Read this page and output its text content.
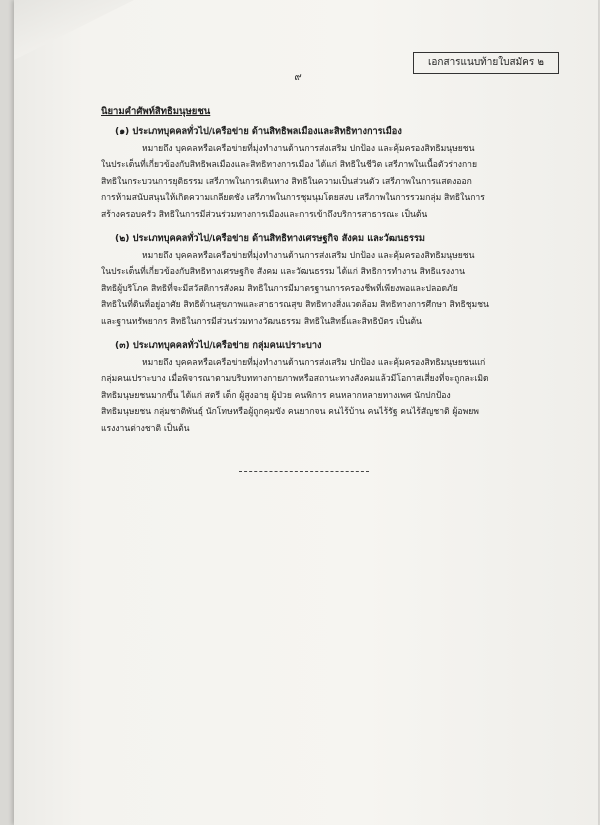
เอกสารแนบท้ายใบสมัคร ๒
๙
นิยามคำศัพท์สิทธิมนุษยชน
(๑) ประเภทบุคคลทั่วไป/เครือข่าย ด้านสิทธิพลเมืองและสิทธิทางการเมือง
หมายถึง บุคคลหรือเครือข่ายที่มุ่งทำงานด้านการส่งเสริม ปกป้อง และคุ้มครองสิทธิมนุษยชน
ในประเด็นที่เกี่ยวข้องกับสิทธิพลเมืองและสิทธิทางการเมือง ได้แก่ สิทธิในชีวิต เสรีภาพในเนื้อตัวร่างกาย
สิทธิในกระบวนการยุติธรรม เสรีภาพในการเดินทาง สิทธิในความเป็นส่วนตัว เสรีภาพในการแสดงออก
การห้ามสนับสนุนให้เกิดความเกลียดชัง เสรีภาพในการชุมนุมโดยสงบ เสรีภาพในการรวมกลุ่ม สิทธิในการ
สร้างครอบครัว สิทธิในการมีส่วนร่วมทางการเมืองและการเข้าถึงบริการสาธารณะ เป็นต้น
(๒) ประเภทบุคคลทั่วไป/เครือข่าย ด้านสิทธิทางเศรษฐกิจ สังคม และวัฒนธรรม
หมายถึง บุคคลหรือเครือข่ายที่มุ่งทำงานด้านการส่งเสริม ปกป้อง และคุ้มครองสิทธิมนุษยชน
ในประเด็นที่เกี่ยวข้องกับสิทธิทางเศรษฐกิจ สังคม และวัฒนธรรม ได้แก่ สิทธิการทำงาน สิทธิแรงงาน
สิทธิผู้บริโภค สิทธิที่จะมีสวัสดิการสังคม สิทธิในการมีมาตรฐานการครองชีพที่เพียงพอและปลอดภัย
สิทธิในที่ดินที่อยู่อาศัย สิทธิด้านสุขภาพและสาธารณสุข สิทธิทางสิ่งแวดล้อม สิทธิทางการศึกษา สิทธิชุมชน
และฐานทรัพยากร สิทธิในการมีส่วนร่วมทางวัฒนธรรม สิทธิในสิทธิ์และสิทธิบัตร เป็นต้น
(๓) ประเภทบุคคลทั่วไป/เครือข่าย กลุ่มคนเปราะบาง
หมายถึง บุคคลหรือเครือข่ายที่มุ่งทำงานด้านการส่งเสริม ปกป้อง และคุ้มครองสิทธิมนุษยชนแก่
กลุ่มคนเปราะบาง เมื่อพิจารณาตามบริบททางกายภาพหรือสถานะทางสังคมแล้วมีโอกาสเสี่ยงที่จะถูกละเมิด
สิทธิมนุษยชนมากขึ้น ได้แก่ สตรี เด็ก ผู้สูงอายุ ผู้ป่วย คนพิการ คนหลากหลายทางเพศ นักปกป้อง
สิทธิมนุษยชน กลุ่มชาติพันธุ์ นักโทษหรือผู้ถูกคุมขัง คนยากจน คนไร้บ้าน คนไร้รัฐ คนไร้สัญชาติ ผู้อพยพ
แรงงานต่างชาติ เป็นต้น
